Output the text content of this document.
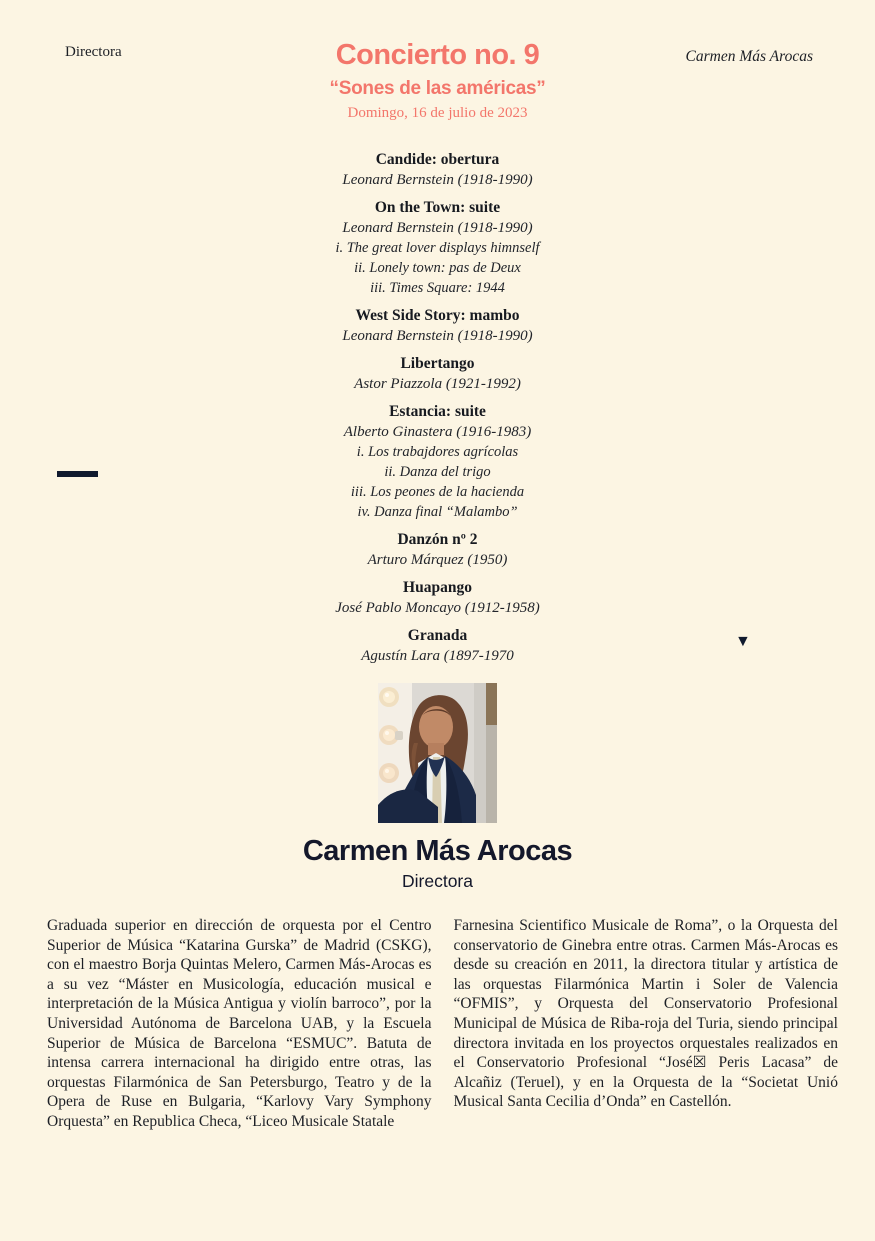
Directora	Carmen Más Arocas
Concierto no. 9
“Sones de las américas”
Domingo, 16 de julio de 2023
Candide: obertura
Leonard Bernstein (1918-1990)
On the Town: suite
Leonard Bernstein (1918-1990)
i. The great lover displays himnself
ii. Lonely town: pas de Deux
iii. Times Square: 1944
West Side Story: mambo
Leonard Bernstein (1918-1990)
Libertango
Astor Piazzola (1921-1992)
Estancia: suite
Alberto Ginastera (1916-1983)
i. Los trabajdores agrícolas
ii. Danza del trigo
iii. Los peones de la hacienda
iv. Danza final “Malambo”
Danzón nº 2
Arturo Márquez (1950)
Huapango
José Pablo Moncayo (1912-1958)
Granada
Agustín Lara (1897-1970
▼
Carmen Más Arocas
Directora
Graduada superior en dirección de orquesta por el Centro Superior de Música “Katarina Gurska” de Madrid (CSKG), con el maestro Borja Quintas Melero, Carmen Más-Arocas es a su vez “Máster en Musicología, educación musical e interpretación de la Música Antigua y violín barroco”, por la Universidad Autónoma de Barcelona UAB, y la Escuela Superior de Música de Barcelona “ESMUC”. Batuta de intensa carrera internacional ha dirigido entre otras, las orquestas Filarmónica de San Petersburgo, Teatro y de la Opera de Ruse en Bulgaria, “Karlovy Vary Symphony Orquesta” en Republica Checa, “Liceo Musicale Statale
Farnesina Scientifico Musicale de Roma”, o la Orquesta del conservatorio de Ginebra entre otras. Carmen Más-Arocas es desde su creación en 2011, la directora titular y artística de las orquestas Filarmónica Martin i Soler de Valencia “OFMIS”, y Orquesta del Conservatorio Profesional Municipal de Música de Riba-roja del Turia, siendo principal directora invitada en los proyectos orquestales realizados en el Conservatorio Profesional “José☒ Peris Lacasa” de Alcañiz (Teruel), y en la Orquesta de la “Societat Unió Musical Santa Cecilia d’Onda” en Castellón.
